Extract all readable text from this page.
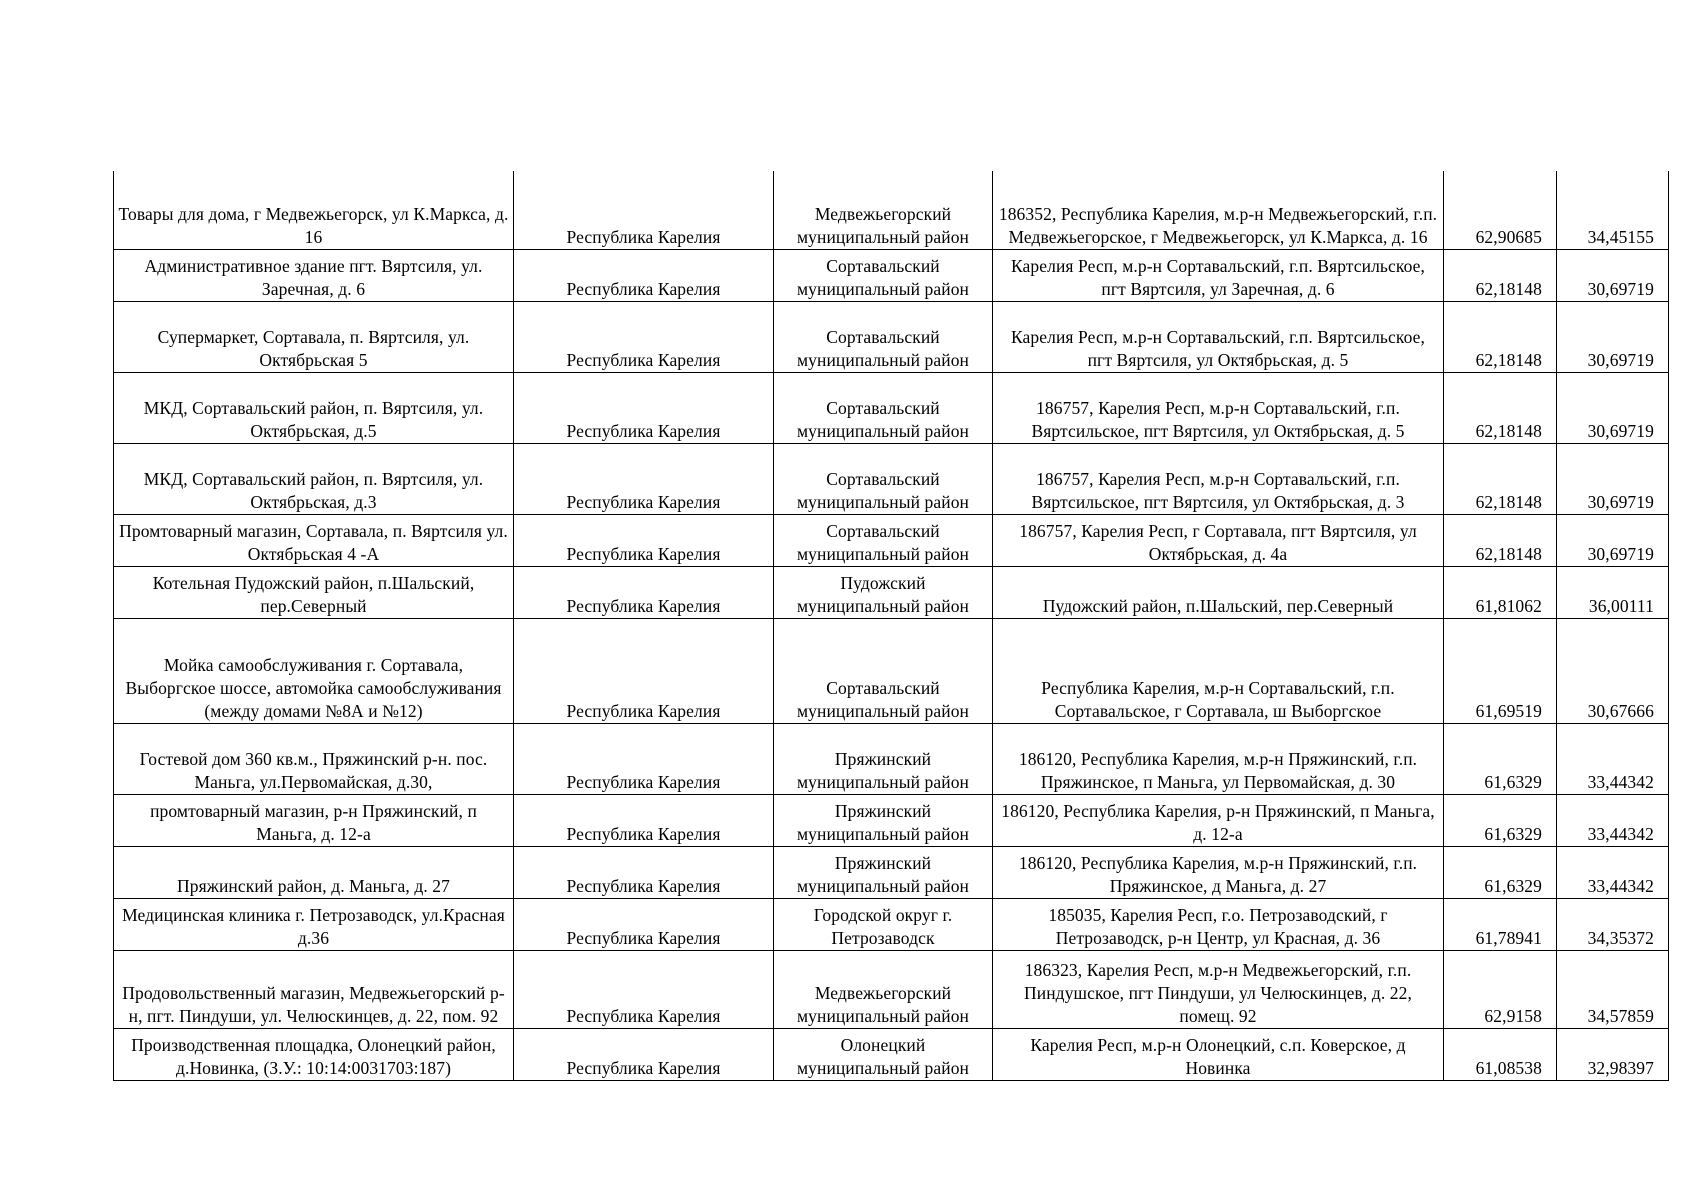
Товары для дома, г Медвежьегорск, ул К.Маркса, д. 16	Республика Карелия	Медвежьегорский муниципальный район	186352, Республика Карелия, м.р-н Медвежьегорский, г.п. Медвежьегорское, г Медвежьегорск, ул К.Маркса, д. 16	62,90685	34,45155
Административное здание пгт. Вяртсиля, ул. Заречная, д. 6	Республика Карелия	Сортавальский муниципальный район	Карелия Респ, м.р-н Сортавальский, г.п. Вяртсильское, пгт Вяртсиля, ул Заречная, д. 6	62,18148	30,69719
Супермаркет, Сортавала, п. Вяртсиля, ул. Октябрьская 5	Республика Карелия	Сортавальский муниципальный район	Карелия Респ, м.р-н Сортавальский, г.п. Вяртсильское, пгт Вяртсиля, ул Октябрьская, д. 5	62,18148	30,69719
МКД, Сортавальский район, п. Вяртсиля, ул. Октябрьская, д.5	Республика Карелия	Сортавальский муниципальный район	186757, Карелия Респ, м.р-н Сортавальский, г.п. Вяртсильское, пгт Вяртсиля, ул Октябрьская, д. 5	62,18148	30,69719
МКД, Сортавальский район, п. Вяртсиля, ул. Октябрьская, д.3	Республика Карелия	Сортавальский муниципальный район	186757, Карелия Респ, м.р-н Сортавальский, г.п. Вяртсильское, пгт Вяртсиля, ул Октябрьская, д. 3	62,18148	30,69719
Промтоварный магазин, Сортавала, п. Вяртсиля ул. Октябрьская 4 -А	Республика Карелия	Сортавальский муниципальный район	186757, Карелия Респ, г Сортавала, пгт Вяртсиля, ул Октябрьская, д. 4а	62,18148	30,69719
Котельная Пудожский район, п.Шальский, пер.Северный	Республика Карелия	Пудожский муниципальный район	Пудожский район, п.Шальский, пер.Северный	61,81062	36,00111
Мойка самообслуживания г. Сортавала, Выборгское шоссе, автомойка самообслуживания (между домами №8А и №12)	Республика Карелия	Сортавальский муниципальный район	Республика Карелия, м.р-н Сортавальский, г.п. Сортавальское, г Сортавала, ш Выборгское	61,69519	30,67666
Гостевой дом 360 кв.м., Пряжинский р-н. пос. Маньга, ул.Первомайская, д.30,	Республика Карелия	Пряжинский муниципальный район	186120, Республика Карелия, м.р-н Пряжинский, г.п. Пряжинское, п Маньга, ул Первомайская, д. 30	61,6329	33,44342
промтоварный магазин, р-н Пряжинский, п Маньга, д. 12-а	Республика Карелия	Пряжинский муниципальный район	186120, Республика Карелия, р-н Пряжинский, п Маньга, д. 12-а	61,6329	33,44342
Пряжинский район, д. Маньга, д. 27	Республика Карелия	Пряжинский муниципальный район	186120, Республика Карелия, м.р-н Пряжинский, г.п. Пряжинское, д Маньга, д. 27	61,6329	33,44342
Медицинская клиника г. Петрозаводск, ул.Красная д.36	Республика Карелия	Городской округ г. Петрозаводск	185035, Карелия Респ, г.о. Петрозаводский, г Петрозаводск, р-н Центр, ул Красная, д. 36	61,78941	34,35372
Продовольственный магазин, Медвежьегорский р-н, пгт. Пиндуши, ул. Челюскинцев, д. 22, пом. 92	Республика Карелия	Медвежьегорский муниципальный район	186323, Карелия Респ, м.р-н Медвежьегорский, г.п. Пиндушское, пгт Пиндуши, ул Челюскинцев, д. 22, помещ. 92	62,9158	34,57859
Производственная площадка, Олонецкий район, д.Новинка, (З.У.: 10:14:0031703:187)	Республика Карелия	Олонецкий муниципальный район	Карелия Респ, м.р-н Олонецкий, с.п. Коверское, д Новинка	61,08538	32,98397
